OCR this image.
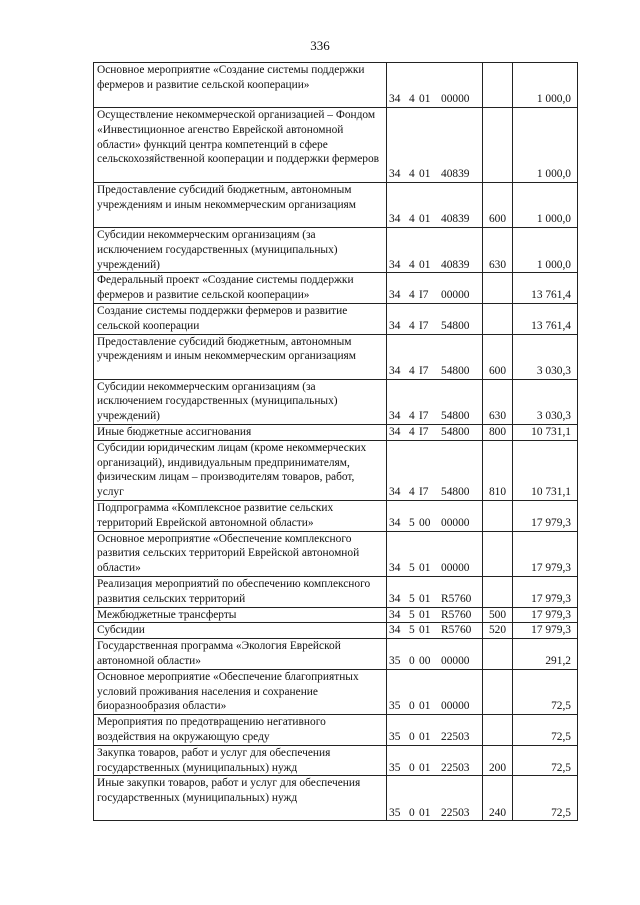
336
Основное мероприятие «Создание системы поддержки фермеров и развитие сельской кооперации»	34 4 01 00000		1 000,0
Осуществление некоммерческой организацией – Фондом «Инвестиционное агенство Еврейской автономной области» функций центра компетенций в сфере сельскохозяйственной кооперации и поддержки фермеров	34 4 01 40839		1 000,0
Предоставление субсидий бюджетным, автономным учреждениям и иным некоммерческим организациям	34 4 01 40839	600	1 000,0
Субсидии некоммерческим организациям (за исключением государственных (муниципальных) учреждений)	34 4 01 40839	630	1 000,0
Федеральный проект «Создание системы поддержки фермеров и развитие сельской кооперации»	34 4 I7 00000		13 761,4
Создание системы поддержки фермеров и развитие сельской кооперации	34 4 I7 54800		13 761,4
Предоставление субсидий бюджетным, автономным учреждениям и иным некоммерческим организациям	34 4 I7 54800	600	3 030,3
Субсидии некоммерческим организациям (за исключением государственных (муниципальных) учреждений)	34 4 I7 54800	630	3 030,3
Иные бюджетные ассигнования	34 4 I7 54800	800	10 731,1
Субсидии юридическим лицам (кроме некоммерческих организаций), индивидуальным предпринимателям, физическим лицам – производителям товаров, работ, услуг	34 4 I7 54800	810	10 731,1
Подпрограмма «Комплексное развитие сельских территорий Еврейской автономной области»	34 5 00 00000		17 979,3
Основное мероприятие «Обеспечение комплексного развития сельских территорий Еврейской автономной области»	34 5 01 00000		17 979,3
Реализация мероприятий по обеспечению комплексного развития сельских территорий	34 5 01 R5760		17 979,3
Межбюджетные трансферты	34 5 01 R5760	500	17 979,3
Субсидии	34 5 01 R5760	520	17 979,3
Государственная программа «Экология Еврейской автономной области»	35 0 00 00000		291,2
Основное мероприятие «Обеспечение благоприятных условий проживания населения и сохранение биоразнообразия области»	35 0 01 00000		72,5
Мероприятия по предотвращению негативного воздействия на окружающую среду	35 0 01 22503		72,5
Закупка товаров, работ и услуг для обеспечения государственных (муниципальных) нужд	35 0 01 22503	200	72,5
Иные закупки товаров, работ и услуг для обеспечения государственных (муниципальных) нужд	35 0 01 22503	240	72,5
